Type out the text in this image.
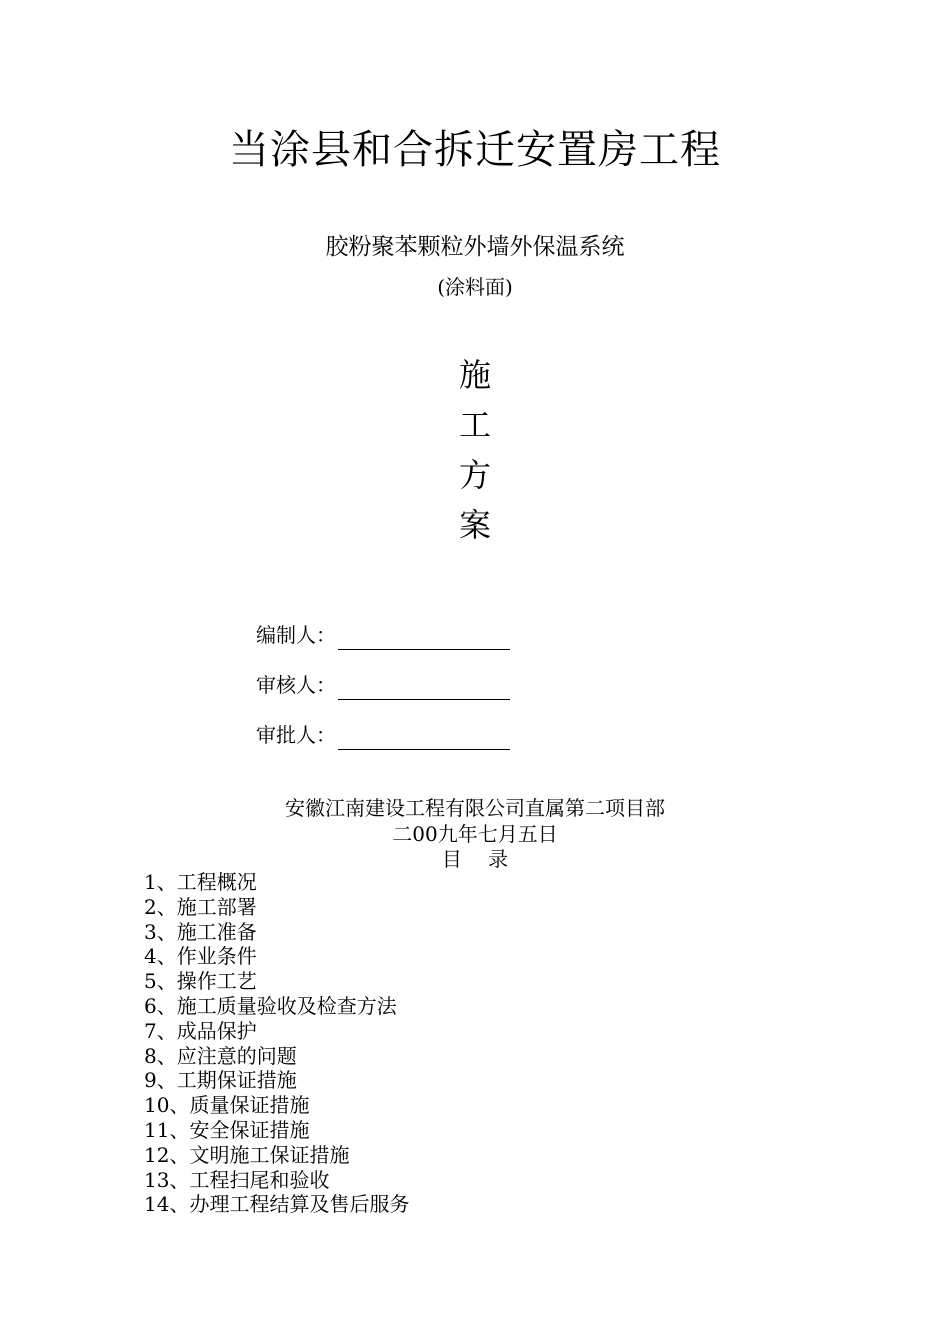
当涂县和合拆迁安置房工程
胶粉聚苯颗粒外墙外保温系统
(涂料面)
施
工
方
案
编制人：
审核人：
审批人：
安徽江南建设工程有限公司直属第二项目部
二00九年七月五日
目　 录
1、工程概况
2、施工部署
3、施工准备
4、作业条件
5、操作工艺
6、施工质量验收及检查方法
7、成品保护
8、应注意的问题
9、工期保证措施
10、质量保证措施
11、安全保证措施
12、文明施工保证措施
13、工程扫尾和验收
14、办理工程结算及售后服务
